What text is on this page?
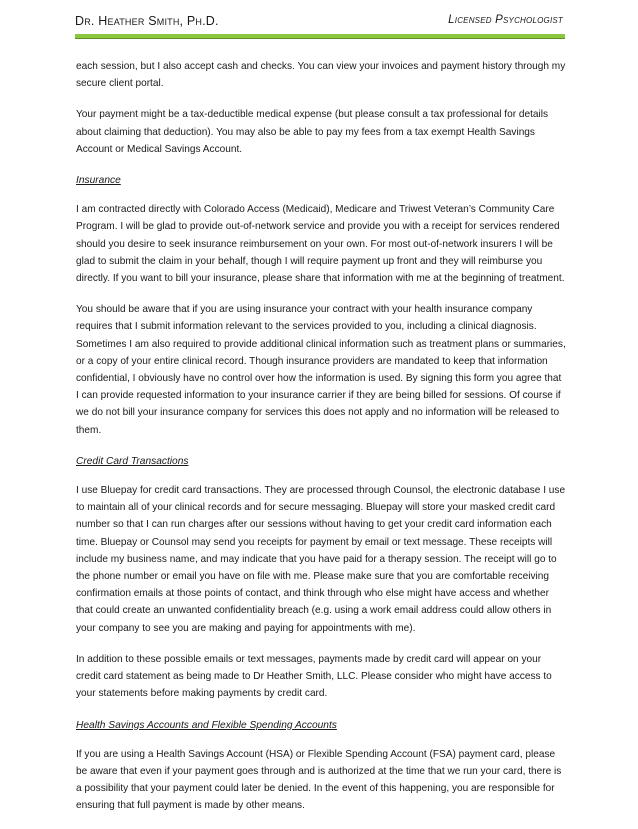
Dr. Heather Smith, Ph.D.	Licensed Psychologist

each session, but I also accept cash and checks. You can view your invoices and payment history through my secure client portal.

Your payment might be a tax-deductible medical expense (but please consult a tax professional for details about claiming that deduction). You may also be able to pay my fees from a tax exempt Health Savings Account or Medical Savings Account.

Insurance

I am contracted directly with Colorado Access (Medicaid), Medicare and Triwest Veteran’s Community Care Program. I will be glad to provide out-of-network service and provide you with a receipt for services rendered should you desire to seek insurance reimbursement on your own. For most out-of-network insurers I will be glad to submit the claim in your behalf, though I will require payment up front and they will reimburse you directly. If you want to bill your insurance, please share that information with me at the beginning of treatment.

You should be aware that if you are using insurance your contract with your health insurance company requires that I submit information relevant to the services provided to you, including a clinical diagnosis. Sometimes I am also required to provide additional clinical information such as treatment plans or summaries, or a copy of your entire clinical record. Though insurance providers are mandated to keep that information confidential, I obviously have no control over how the information is used. By signing this form you agree that I can provide requested information to your insurance carrier if they are being billed for sessions. Of course if we do not bill your insurance company for services this does not apply and no information will be released to them.

Credit Card Transactions

I use Bluepay for credit card transactions. They are processed through Counsol, the electronic database I use to maintain all of your clinical records and for secure messaging. Bluepay will store your masked credit card number so that I can run charges after our sessions without having to get your credit card information each time. Bluepay or Counsol may send you receipts for payment by email or text message. These receipts will include my business name, and may indicate that you have paid for a therapy session. The receipt will go to the phone number or email you have on file with me. Please make sure that you are comfortable receiving confirmation emails at those points of contact, and think through who else might have access and whether that could create an unwanted confidentiality breach (e.g. using a work email address could allow others in your company to see you are making and paying for appointments with me).

In addition to these possible emails or text messages, payments made by credit card will appear on your credit card statement as being made to Dr Heather Smith, LLC. Please consider who might have access to your statements before making payments by credit card.

Health Savings Accounts and Flexible Spending Accounts

If you are using a Health Savings Account (HSA) or Flexible Spending Account (FSA) payment card, please be aware that even if your payment goes through and is authorized at the time that we run your card, there is a possibility that your payment could later be denied. In the event of this happening, you are responsible for ensuring that full payment is made by other means.
